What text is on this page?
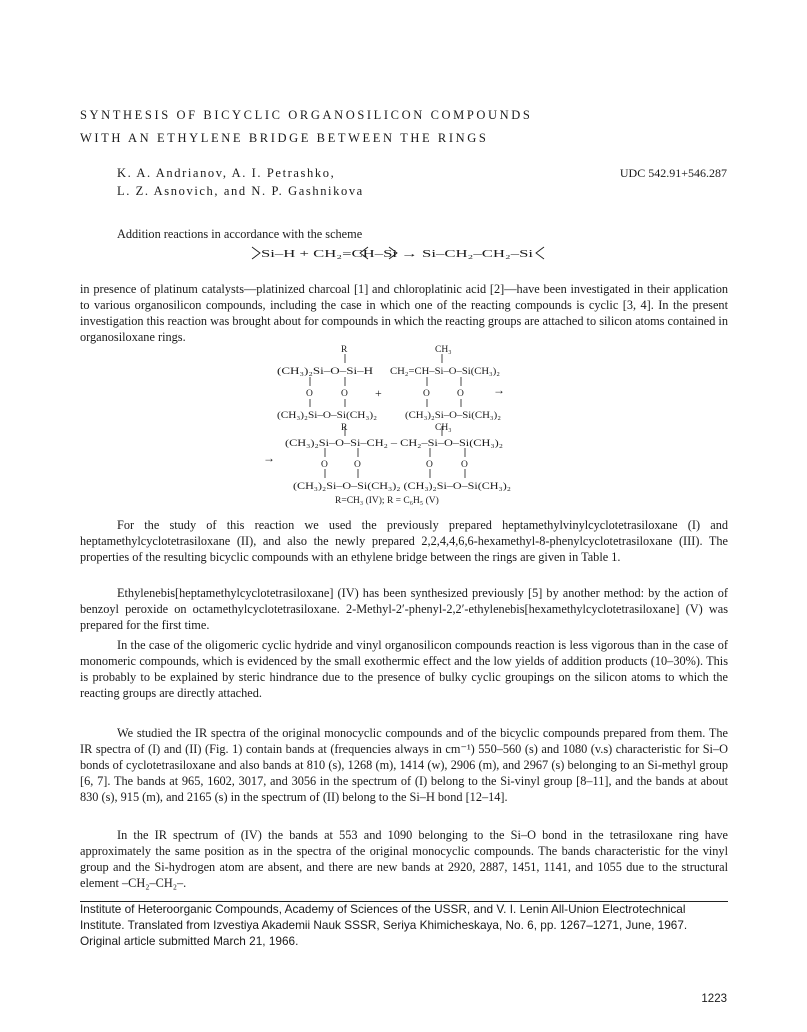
SYNTHESIS OF BICYCLIC ORGANOSILICON COMPOUNDS
WITH AN ETHYLENE BRIDGE BETWEEN THE RINGS
K. A. Andrianov, A. I. Petrashko,
L. Z. Asnovich, and N. P. Gashnikova
UDC 542.91+546.287
Addition reactions in accordance with the scheme
Si–H + CH₂=CH–Si → Si–CH₂–CH₂–Si
in presence of platinum catalysts—platinized charcoal [1] and chloroplatinic acid [2]—have been investigated in their application to various organosilicon compounds, including the case in which one of the reacting compounds is cyclic [3, 4]. In the present investigation this reaction was brought about for compounds in which the reacting groups are attached to silicon atoms contained in organosiloxane rings.
R	CH₃
(CH₃)₂Si–O–Si–H	CH₂=CH–Si–O–Si(CH₃)₂
O	O	O	O
+	→
(CH₃)₂Si–O–Si(CH₃)₂	(CH₃)₂Si–O–Si(CH₃)₂
R	CH₃
(CH₃)₂Si–O–Si–CH₂ – CH₂–Si–O–Si(CH₃)₂
→	O	O	O	O
(CH₃)₂Si–O–Si(CH₃)₂ (CH₃)₂Si–O–Si(CH₃)₂
R=CH₃ (IV); R = C₆H₅ (V)
For the study of this reaction we used the previously prepared heptamethylvinylcyclotetrasiloxane (I) and heptamethylcyclotetrasiloxane (II), and also the newly prepared 2,2,4,4,6,6-hexamethyl-8-phenylcyclotetrasiloxane (III). The properties of the resulting bicyclic compounds with an ethylene bridge between the rings are given in Table 1.
Ethylenebis[heptamethylcyclotetrasiloxane] (IV) has been synthesized previously [5] by another method: by the action of benzoyl peroxide on octamethylcyclotetrasiloxane. 2-Methyl-2′-phenyl-2,2′-ethylenebis[hexamethylcyclotetrasiloxane] (V) was prepared for the first time.
In the case of the oligomeric cyclic hydride and vinyl organosilicon compounds reaction is less vigorous than in the case of monomeric compounds, which is evidenced by the small exothermic effect and the low yields of addition products (10–30%). This is probably to be explained by steric hindrance due to the presence of bulky cyclic groupings on the silicon atoms to which the reacting groups are directly attached.
We studied the IR spectra of the original monocyclic compounds and of the bicyclic compounds prepared from them. The IR spectra of (I) and (II) (Fig. 1) contain bands at (frequencies always in cm⁻¹) 550–560 (s) and 1080 (v.s) characteristic for Si–O bonds of cyclotetrasiloxane and also bands at 810 (s), 1268 (m), 1414 (w), 2906 (m), and 2967 (s) belonging to an Si-methyl group [6, 7]. The bands at 965, 1602, 3017, and 3056 in the spectrum of (I) belong to the Si-vinyl group [8–11], and the bands at about 830 (s), 915 (m), and 2165 (s) in the spectrum of (II) belong to the Si–H bond [12–14].
In the IR spectrum of (IV) the bands at 553 and 1090 belonging to the Si–O bond in the tetrasiloxane ring have approximately the same position as in the spectra of the original monocyclic compounds. The bands characteristic for the vinyl group and the Si-hydrogen atom are absent, and there are new bands at 2920, 2887, 1451, 1141, and 1055 due to the structural element –CH₂–CH₂–.
Institute of Heteroorganic Compounds, Academy of Sciences of the USSR, and V. I. Lenin All-Union Electrotechnical Institute. Translated from Izvestiya Akademii Nauk SSSR, Seriya Khimicheskaya, No. 6, pp. 1267–1271, June, 1967. Original article submitted March 21, 1966.
1223
